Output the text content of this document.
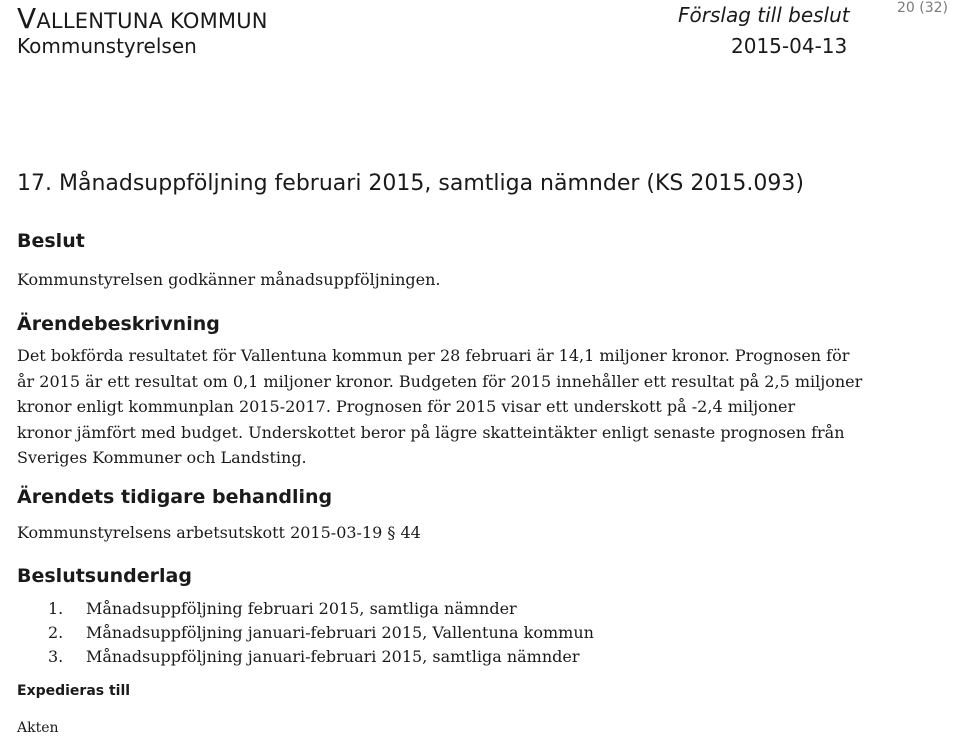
VALLENTUNA KOMMUN
Kommunstyrelsen
Förslag till beslut
2015-04-13
20 (32)
17. Månadsuppföljning februari 2015, samtliga nämnder (KS 2015.093)
Beslut

Kommunstyrelsen godkänner månadsuppföljningen.

Ärendebeskrivning

Det bokförda resultatet för Vallentuna kommun per 28 februari är 14,1 miljoner kronor. Prognosen för
år 2015 är ett resultat om 0,1 miljoner kronor. Budgeten för 2015 innehåller ett resultat på 2,5 miljoner
kronor enligt kommunplan 2015-2017. Prognosen för 2015 visar ett underskott på -2,4 miljoner
kronor jämfört med budget. Underskottet beror på lägre skatteintäkter enligt senaste prognosen från
Sveriges Kommuner och Landsting.

Ärendets tidigare behandling

Kommunstyrelsens arbetsutskott 2015-03-19 § 44

Beslutsunderlag
1.	Månadsuppföljning februari 2015, samtliga nämnder
2.	Månadsuppföljning januari-februari 2015, Vallentuna kommun
3.	Månadsuppföljning januari-februari 2015, samtliga nämnder
Expedieras till

Akten
